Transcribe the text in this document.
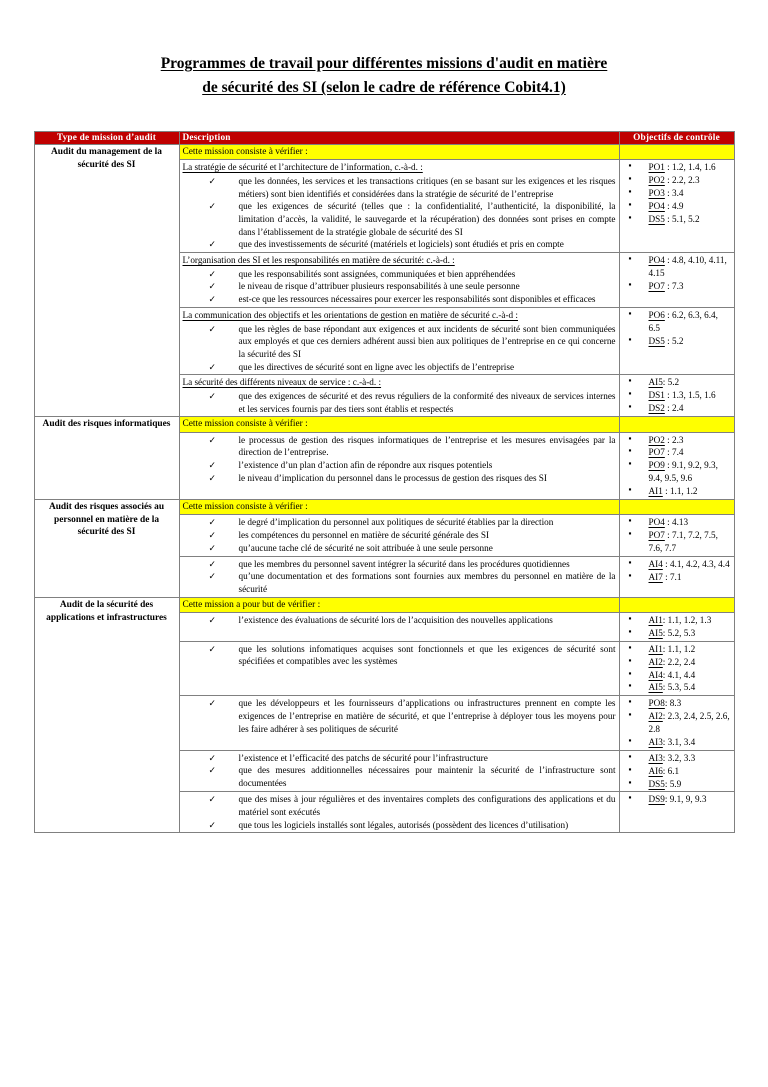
Programmes de travail pour différentes missions d'audit en matière
de sécurité des SI (selon le cadre de référence Cobit4.1)
Type de mission d’audit	Description	Objectifs de contrôle
Audit du management de la sécurité des SI	Cette mission consiste à vérifier :	

La stratégie de sécurité et l’architecture de l’information, c.-à-d. :
✓ que les données, les services et les transactions critiques (en se basant sur les exigences et les risques métiers) sont bien identifiés et considérées dans la stratégie de sécurité de l’entreprise
✓ que les exigences de sécurité (telles que : la confidentialité, l’authenticité, la disponibilité, la limitation d’accès, la validité, le sauvegarde et la récupération) des données sont prises en compte dans l’établissement de la stratégie globale de sécurité des SI
✓ que des investissements de sécurité (matériels et logiciels) sont étudiés et pris en compte

▪ PO1 : 1.2, 1.4, 1.6
▪ PO2 : 2.2, 2.3
▪ PO3 : 3.4
▪ PO4 : 4.9
▪ DS5 : 5.1, 5.2

L’organisation des SI et les responsabilités en matière de sécurité: c.-à-d. :
✓ que les responsabilités sont assignées, communiquées et bien appréhendées
✓ le niveau de risque d’attribuer plusieurs responsabilités à une seule personne
✓ est-ce que les ressources nécessaires pour exercer les responsabilités sont disponibles et efficaces

▪ PO4 : 4.8, 4.10, 4.11, 4.15
▪ PO7 : 7.3

La communication des objectifs et les orientations de gestion en matière de sécurité c.-à-d :
✓ que les règles de base répondant aux exigences et aux incidents de sécurité sont bien communiquées aux employés et que ces derniers adhérent aussi bien aux politiques de l’entreprise en ce qui concerne la sécurité des SI
✓ que les directives de sécurité sont en ligne avec les objectifs de l’entreprise

▪ PO6 : 6.2, 6.3, 6.4, 6.5
▪ DS5 : 5.2

La sécurité des différents niveaux de service : c.-à-d. :
✓ que des exigences de sécurité et des revus réguliers de la conformité des niveaux de services internes et les services fournis par des tiers sont établis et respectés

▪ AI5: 5.2
▪ DS1 : 1.3, 1.5, 1.6
▪ DS2 : 2.4

Audit des risques informatiques	Cette mission consiste à vérifier :	

✓ le processus de gestion des risques informatiques de l’entreprise et les mesures envisagées par la direction de l’entreprise.
✓ l’existence d’un plan d’action afin de répondre aux risques potentiels
✓ le niveau d’implication du personnel dans le processus de gestion des risques des SI

▪ PO2 : 2.3
▪ PO7 : 7.4
▪ PO9 : 9.1, 9.2, 9.3, 9.4, 9.5, 9.6
▪ AI1 : 1.1, 1.2

Audit des risques associés au personnel en matière de la sécurité des SI	Cette mission consiste à vérifier :	

✓ le degré d’implication du personnel aux politiques de sécurité établies par la direction
✓ les compétences du personnel en matière de sécurité générale des SI
✓ qu’aucune tache clé de sécurité ne soit attribuée à une seule personne

▪ PO4 : 4.13
▪ PO7 : 7.1, 7.2, 7.5, 7.6, 7.7

✓ que les membres du personnel savent intégrer la sécurité dans les procédures quotidiennes
✓ qu’une documentation et des formations sont fournies aux membres du personnel en matière de la sécurité

▪ AI4 : 4.1, 4.2, 4.3, 4.4
▪ AI7 : 7.1

Audit de la sécurité des applications et infrastructures	Cette mission a pour but de vérifier :	

✓ l’existence des évaluations de sécurité lors de l’acquisition des nouvelles applications

▪AI1: 1.1, 1.2, 1.3
▪ AI5: 5.2, 5.3

✓ que les solutions infomatiques acquises sont fonctionnels et que les exigences de sécurité sont spécifiées et compatibles avec les systèmes

▪ AI1: 1.1, 1.2
▪ AI2: 2.2, 2.4
▪ AI4: 4.1, 4.4
▪ AI5: 5.3, 5.4

✓ que les développeurs et les fournisseurs d’applications ou infrastructures prennent en compte les exigences de l’entreprise en matière de sécurité, et que l’entreprise à déployer tous les moyens pour les faire adhérer à ses politiques de sécurité

▪ PO8: 8.3
▪ AI2: 2.3, 2.4, 2.5, 2.6, 2.8
▪ AI3: 3.1, 3.4

✓ l’existence et l’efficacité des patchs de sécurité pour l’infrastructure
✓ que des mesures additionnelles nécessaires pour maintenir la sécurité de l’infrastructure sont documentées

▪ AI3: 3.2, 3.3
▪ AI6: 6.1
▪ DS5: 5.9

✓ que des mises à jour régulières et des inventaires complets des configurations des applications et du matériel sont exécutés
✓ que tous les logiciels installés sont légales, autorisés (possèdent des licences d’utilisation)

▪ DS9: 9.1, 9, 9.3
